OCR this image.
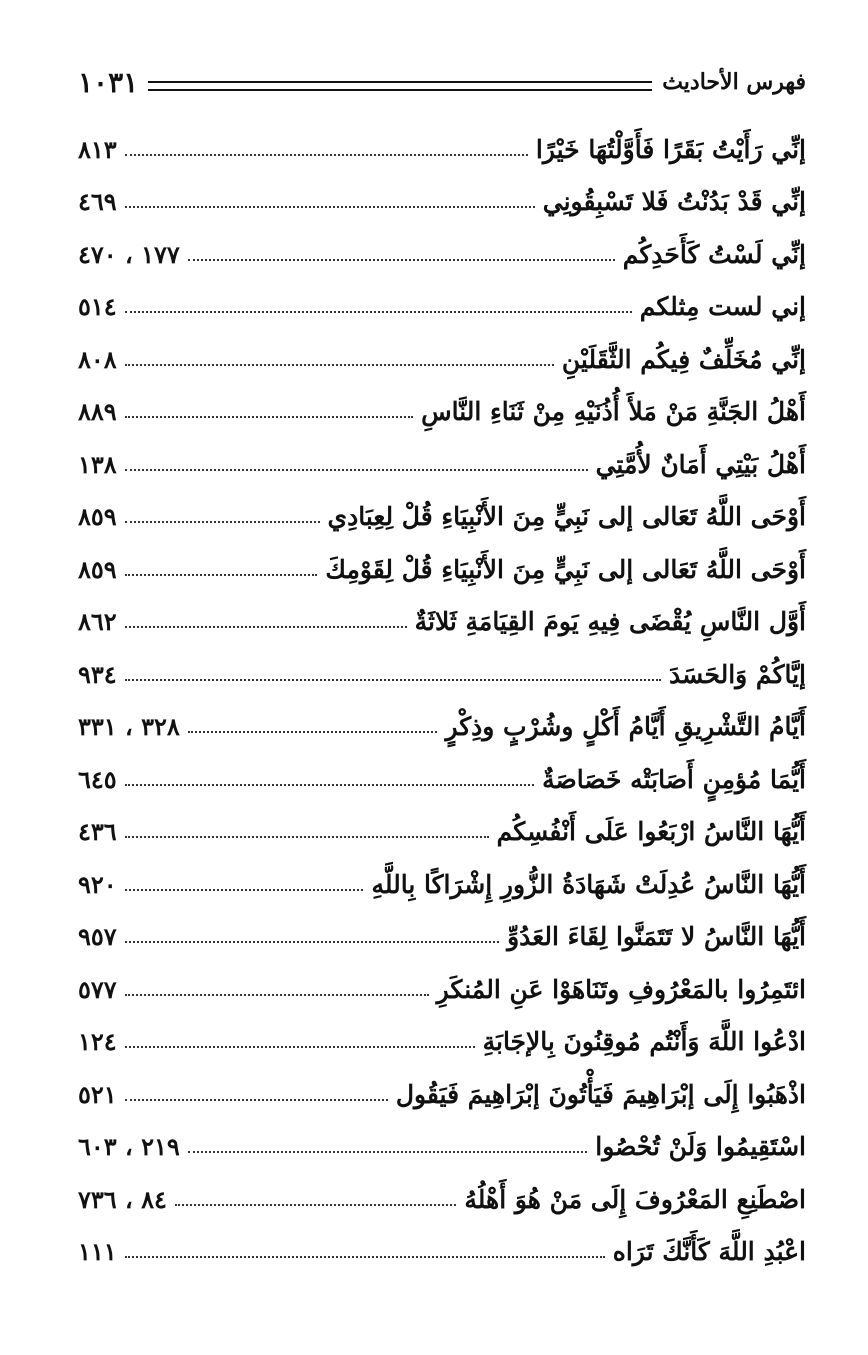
فهرس الأحاديث
١٠٣١
إنِّي رَأَيْتُ بَقَرًا فَأَوَّلْتُهَا خَيْرًا
٨١٣
إنِّي قَدْ بَدُنْتُ فَلا تَسْبِقُونِي
٤٦٩
إنِّي لَسْتُ كَأَحَدِكُم
١٧٧ ، ٤٧٠
إني لست مِثلكم
٥١٤
إنِّي مُخَلِّفٌ فِيكُم الثَّقَلَيْنِ
٨٠٨
أَهْلُ الجَنَّةِ مَنْ مَلأَ أُذُنَيْهِ مِنْ ثَنَاءِ النَّاسِ
٨٨٩
أَهْلُ بَيْتِي أَمَانٌ لأُمَّتِي
١٣٨
أَوْحَى اللَّهُ تَعَالى إلى نَبِيٍّ مِنَ الأَنْبِيَاءِ قُلْ لِعِبَادِي
٨٥٩
أَوْحَى اللَّهُ تَعَالى إلى نَبِيٍّ مِنَ الأَنْبِيَاءِ قُلْ لِقَوْمِكَ
٨٥٩
أَوَّل النَّاسِ يُقْضَى فِيهِ يَومَ القِيَامَةِ ثَلاثَةٌ
٨٦٢
إيَّاكُمْ وَالحَسَدَ
٩٣٤
أَيَّامُ التَّشْرِيقِ أَيَّامُ أَكْلٍ وشُرْبٍ وذِكْرٍ
٣٢٨ ، ٣٣١
أَيُّمَا مُؤمِنٍ أَصَابَتْه خَصَاصَةٌ
٦٤٥
أَيُّهَا النَّاسُ ارْبَعُوا عَلَى أَنْفُسِكُم
٤٣٦
أَيُّهَا النَّاسُ عُدِلَتْ شَهَادَةُ الزُّورِ إِشْرَاكًا بِاللَّهِ
٩٢٠
أَيُّهَا النَّاسُ لا تَتَمَنَّوا لِقَاءَ العَدُوِّ
٩٥٧
ائتَمِرُوا بالمَعْرُوفِ وتَنَاهَوْا عَنِ المُنكَرِ
٥٧٧
ادْعُوا اللَّهَ وَأَنْتُم مُوقِنُونَ بِالإجَابَةِ
١٢٤
اذْهَبُوا إِلَى إبْرَاهِيمَ فَيَأْتُونَ إبْرَاهِيمَ فَيَقُول
٥٢١
اسْتَقِيمُوا وَلَنْ تُحْصُوا
٢١٩ ، ٦٠٣
اصْطَنِعِ المَعْرُوفَ إِلَى مَنْ هُوَ أَهْلُهُ
٨٤ ، ٧٣٦
اعْبُدِ اللَّهَ كَأَنَّكَ تَرَاه
١١١
